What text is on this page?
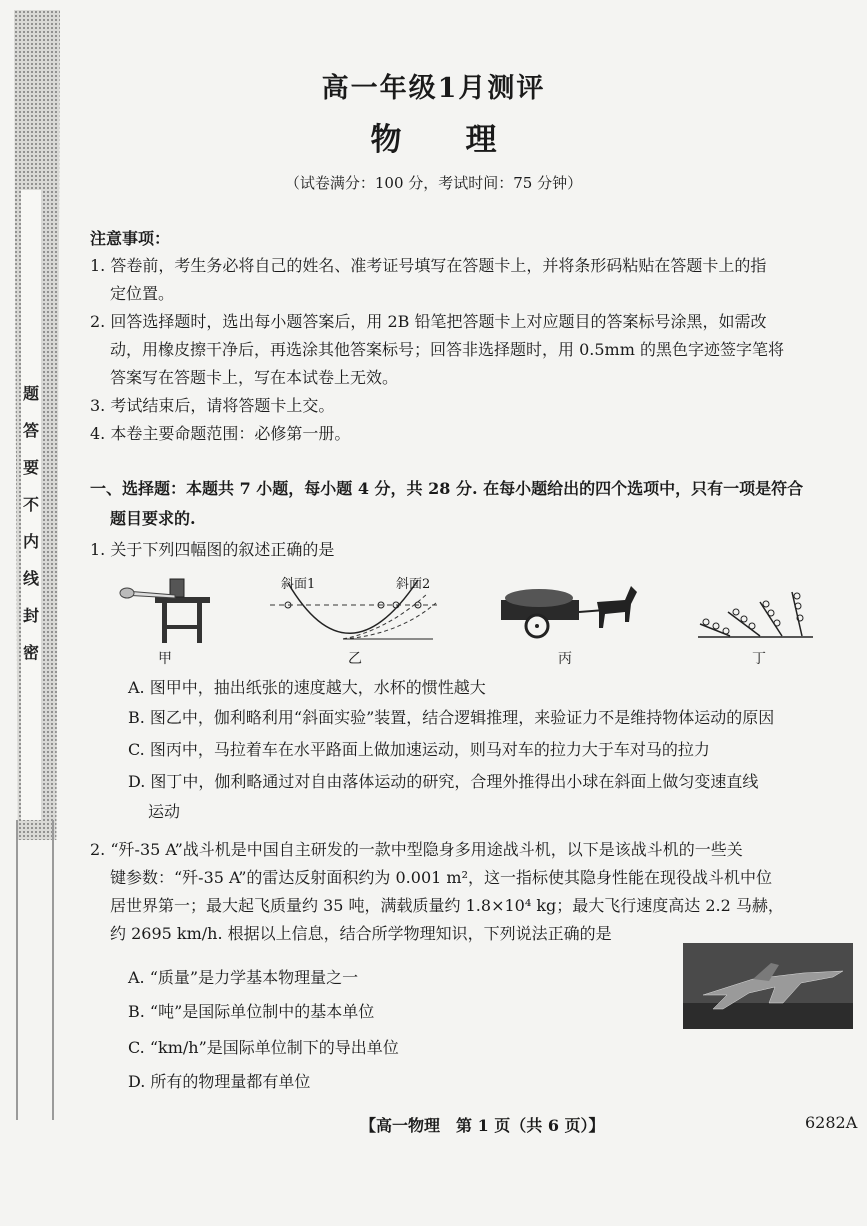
题
答
要
不
内
线
封
密
高一年级1月测评
物 理
（试卷满分：100 分，考试时间：75 分钟）
注意事项：
1. 答卷前，考生务必将自己的姓名、准考证号填写在答题卡上，并将条形码粘贴在答题卡上的指
定位置。
2. 回答选择题时，选出每小题答案后，用 2B 铅笔把答题卡上对应题目的答案标号涂黑，如需改
动，用橡皮擦干净后，再选涂其他答案标号；回答非选择题时，用 0.5mm 的黑色字迹签字笔将
答案写在答题卡上，写在本试卷上无效。
3. 考试结束后，请将答题卡上交。
4. 本卷主要命题范围：必修第一册。
一、选择题：本题共 7 小题，每小题 4 分，共 28 分. 在每小题给出的四个选项中，只有一项是符合
题目要求的.
1. 关于下列四幅图的叙述正确的是
甲
斜面1	斜面2
乙	丙	丁
A. 图甲中，抽出纸张的速度越大，水杯的惯性越大
B. 图乙中，伽利略利用“斜面实验”装置，结合逻辑推理，来验证力不是维持物体运动的原因
C. 图丙中，马拉着车在水平路面上做加速运动，则马对车的拉力大于车对马的拉力
D. 图丁中，伽利略通过对自由落体运动的研究，合理外推得出小球在斜面上做匀变速直线
运动
2. “歼-35 A”战斗机是中国自主研发的一款中型隐身多用途战斗机，以下是该战斗机的一些关
键参数：“歼-35 A”的雷达反射面积约为 0.001 m²，这一指标使其隐身性能在现役战斗机中位
居世界第一；最大起飞质量约 35 吨，满载质量约 1.8×10⁴ kg；最大飞行速度高达 2.2 马赫，
约 2695 km/h. 根据以上信息，结合所学物理知识，下列说法正确的是
A. “质量”是力学基本物理量之一
B. “吨”是国际单位制中的基本单位
C. “km/h”是国际单位制下的导出单位
D. 所有的物理量都有单位
【高一物理　第 1 页（共 6 页）】	6282A
